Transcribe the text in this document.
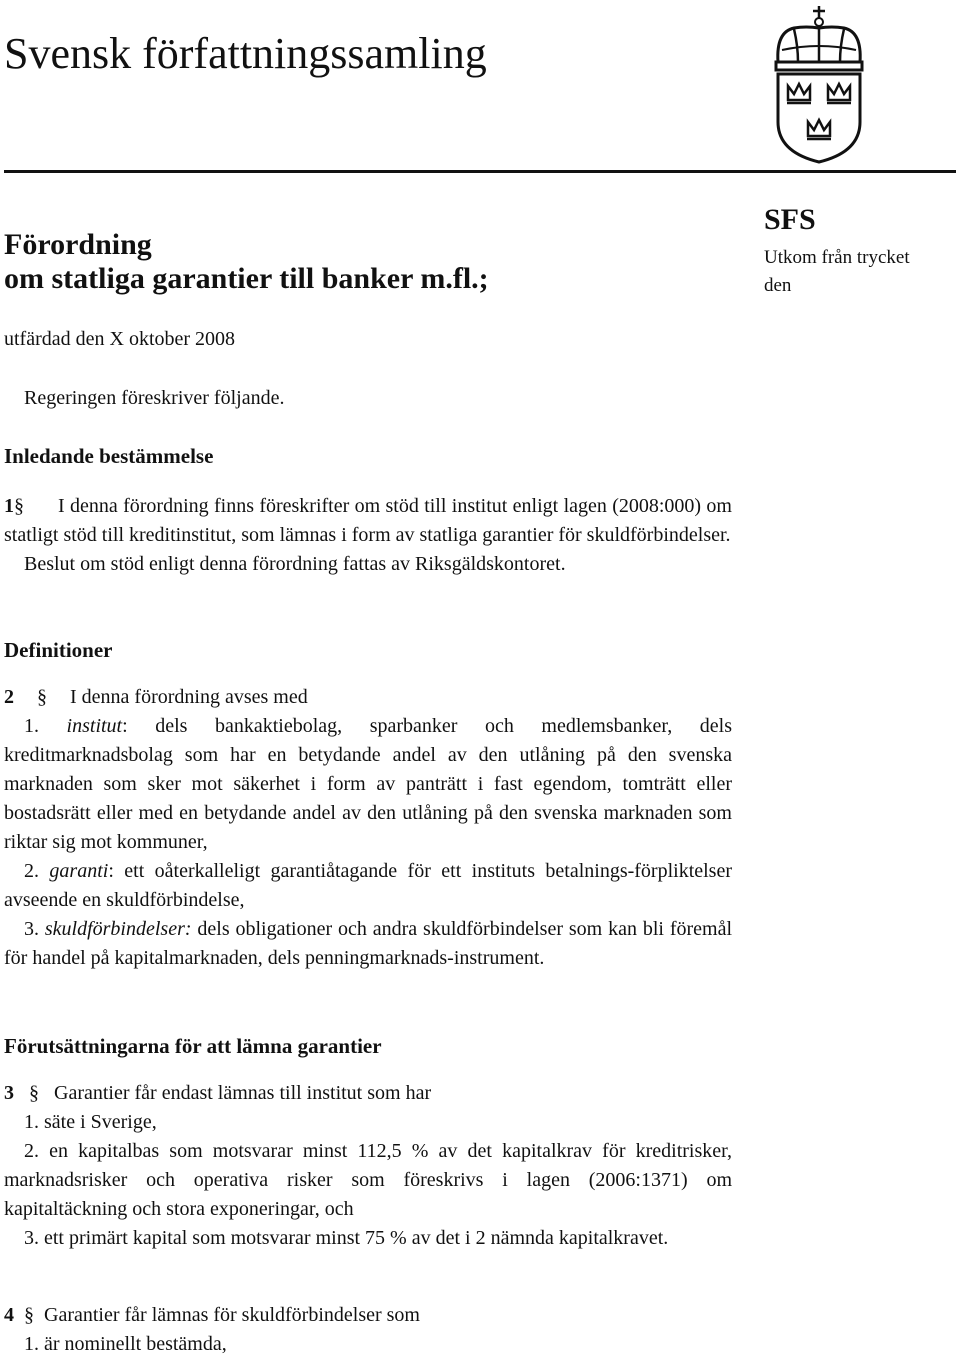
Svensk författningssamling
Förordning
om statliga garantier till banker m.fl.;
SFS
Utkom från trycket
den
utfärdad den X oktober 2008
Regeringen föreskriver följande.
Inledande bestämmelse
1§ I denna förordning finns föreskrifter om stöd till institut enligt lagen (2008:000) om statligt stöd till kreditinstitut, som lämnas i form av statliga garantier för skuldförbindelser.
Beslut om stöd enligt denna förordning fattas av Riksgäldskontoret.
Definitioner
2 § I denna förordning avses med
1. institut: dels bankaktiebolag, sparbanker och medlemsbanker, dels kreditmarknadsbolag som har en betydande andel av den utlåning på den svenska marknaden som sker mot säkerhet i form av panträtt i fast egendom, tomträtt eller bostadsrätt eller med en betydande andel av den utlåning på den svenska marknaden som riktar sig mot kommuner,
2. garanti: ett oåterkalleligt garantiåtagande för ett instituts betalnings-förpliktelser avseende en skuldförbindelse,
3. skuldförbindelser: dels obligationer och andra skuldförbindelser som kan bli föremål för handel på kapitalmarknaden, dels penningmarknads-instrument.
Förutsättningarna för att lämna garantier
3 § Garantier får endast lämnas till institut som har
1. säte i Sverige,
2. en kapitalbas som motsvarar minst 112,5 % av det kapitalkrav för kreditrisker, marknadsrisker och operativa risker som föreskrivs i lagen (2006:1371) om kapitaltäckning och stora exponeringar, och
3. ett primärt kapital som motsvarar minst 75 % av det i 2 nämnda kapitalkravet.
4 § Garantier får lämnas för skuldförbindelser som
1. är nominellt bestämda,
